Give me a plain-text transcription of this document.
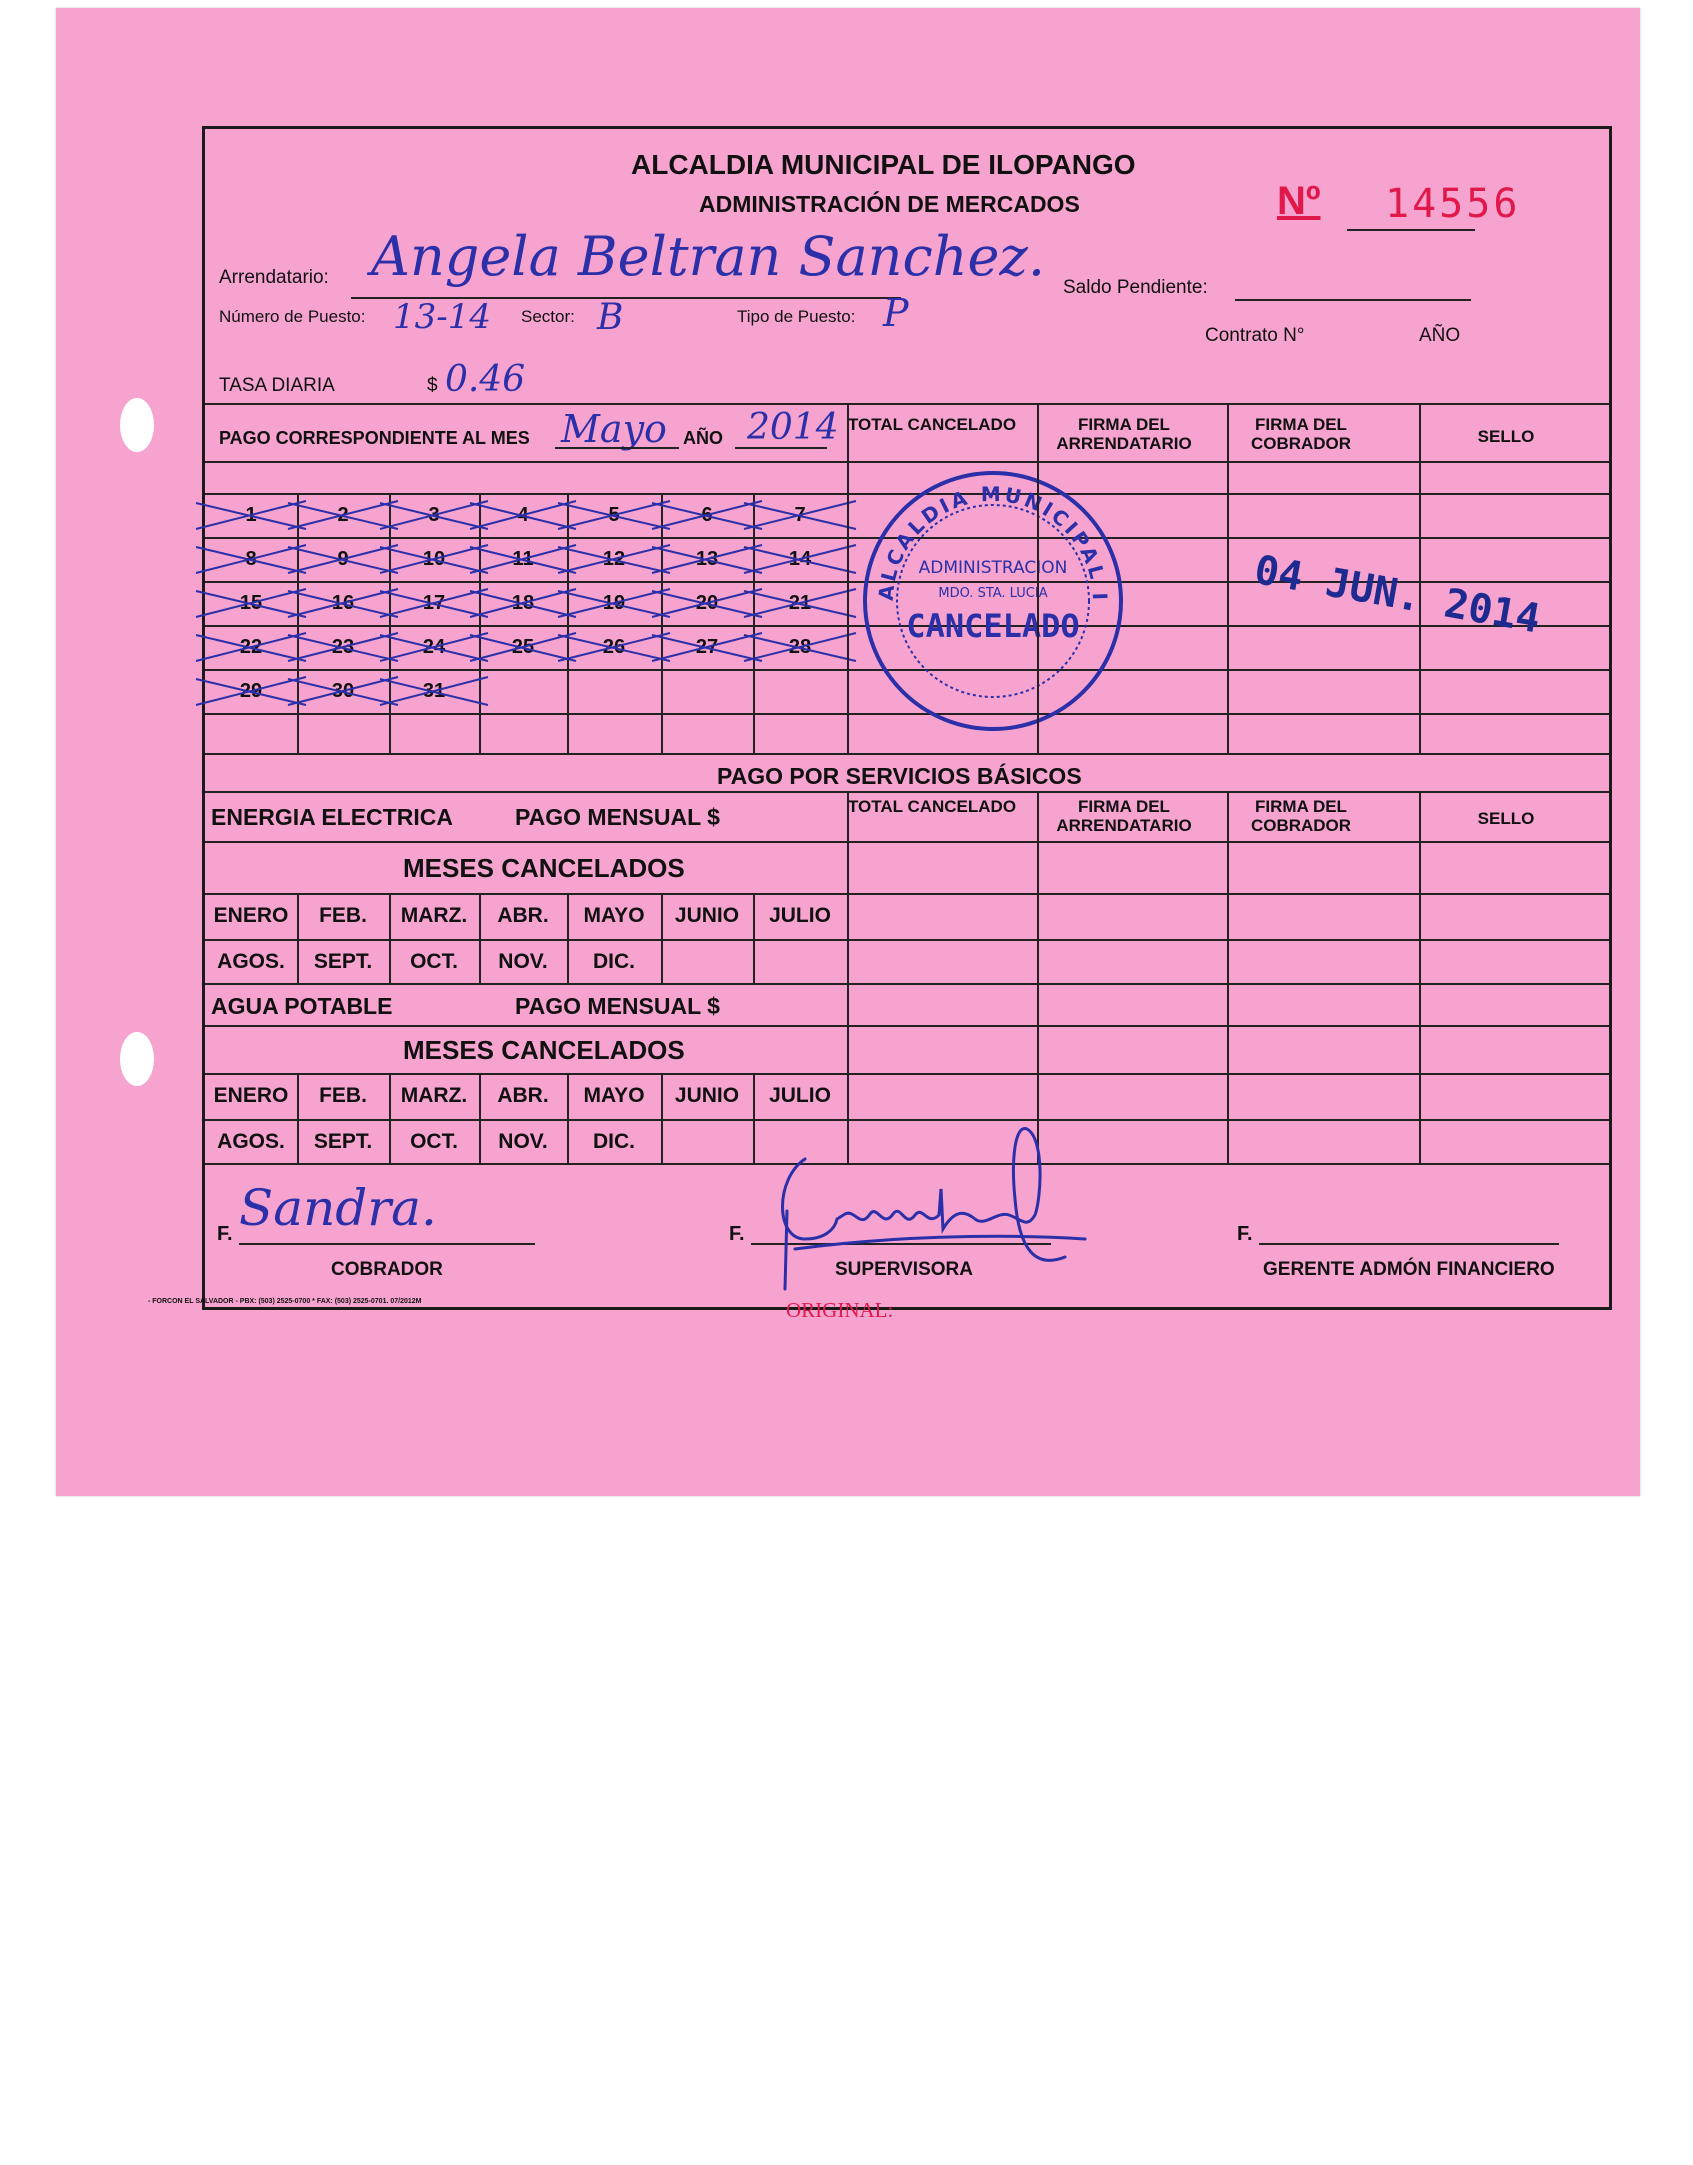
ALCALDIA MUNICIPAL DE ILOPANGO
ADMINISTRACIÓN DE MERCADOS	Nº 14556
Arrendatario: Angela Beltran Sanchez. Saldo Pendiente:
Número de Puesto: 13-14 Sector: B	Tipo de Puesto: P
Contrato N°	AÑO
TASA DIARIA	$ 0.46
PAGO CORRESPONDIENTE AL MES Mayo AÑO 2014 TOTAL CANCELADO	FIRMA DEL ARRENDATARIO
FIRMA DEL COBRADOR	SELLO
1	2	3	4	5	6	7
8	9	10	11	12	13	14
15	16	17	18	19	20	21
22	23	24	25	26	27	28
29	30	31
ALCALDIA MUNICIPAL ILOPANGO
ADMINISTRACION
MDO. STA. LUCIA
CANCELADO	04 JUN. 2014
PAGO POR SERVICIOS BÁSICOS
ENERGIA ELECTRICA	PAGO MENSUAL $	TOTAL CANCELADO	FIRMA DEL ARRENDATARIO
FIRMA DEL COBRADOR	SELLO
MESES CANCELADOS
ENERO	FEB.	MARZ.	ABR.	MAYO	JUNIO	JULIO
AGOS.	SEPT.	OCT.	NOV.	DIC.
AGUA POTABLE	PAGO MENSUAL $
MESES CANCELADOS
ENERO	FEB.	MARZ.	ABR.	MAYO	JUNIO	JULIO
AGOS.	SEPT.	OCT.	NOV.	DIC.
F. Sandra.
COBRADOR
F.
SUPERVISORA
F.
GERENTE ADMÓN FINANCIERO
- FORCON EL SALVADOR - PBX: (503) 2525-0700 * FAX: (503) 2525-0701. 07/2012M	ORIGINAL:
